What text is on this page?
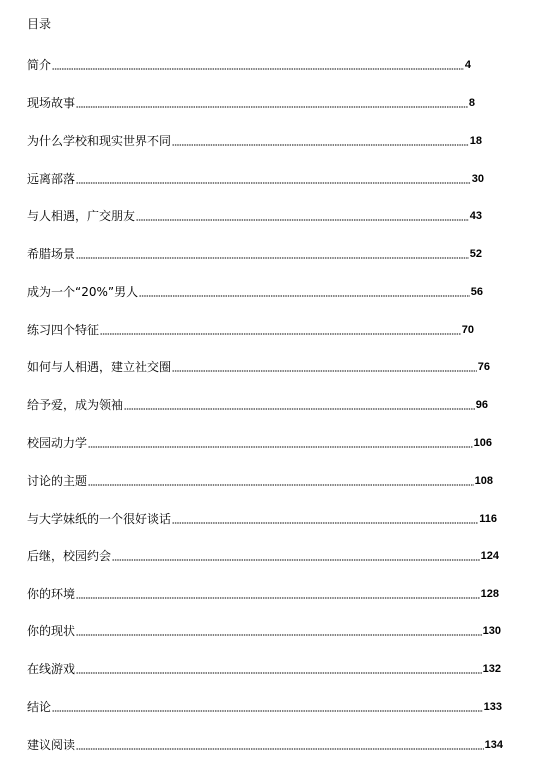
目录
简介	4
现场故事	8
为什么学校和现实世界不同	18
远离部落	30
与人相遇，广交朋友	43
希腊场景	52
成为一个“20%”男人	56
练习四个特征	70
如何与人相遇，建立社交圈	76
给予爱，成为领袖	96
校园动力学	106
讨论的主题	108
与大学妹纸的一个很好谈话	116
后继，校园约会	124
你的环境	128
你的现状	130
在线游戏	132
结论	133
建议阅读	134
